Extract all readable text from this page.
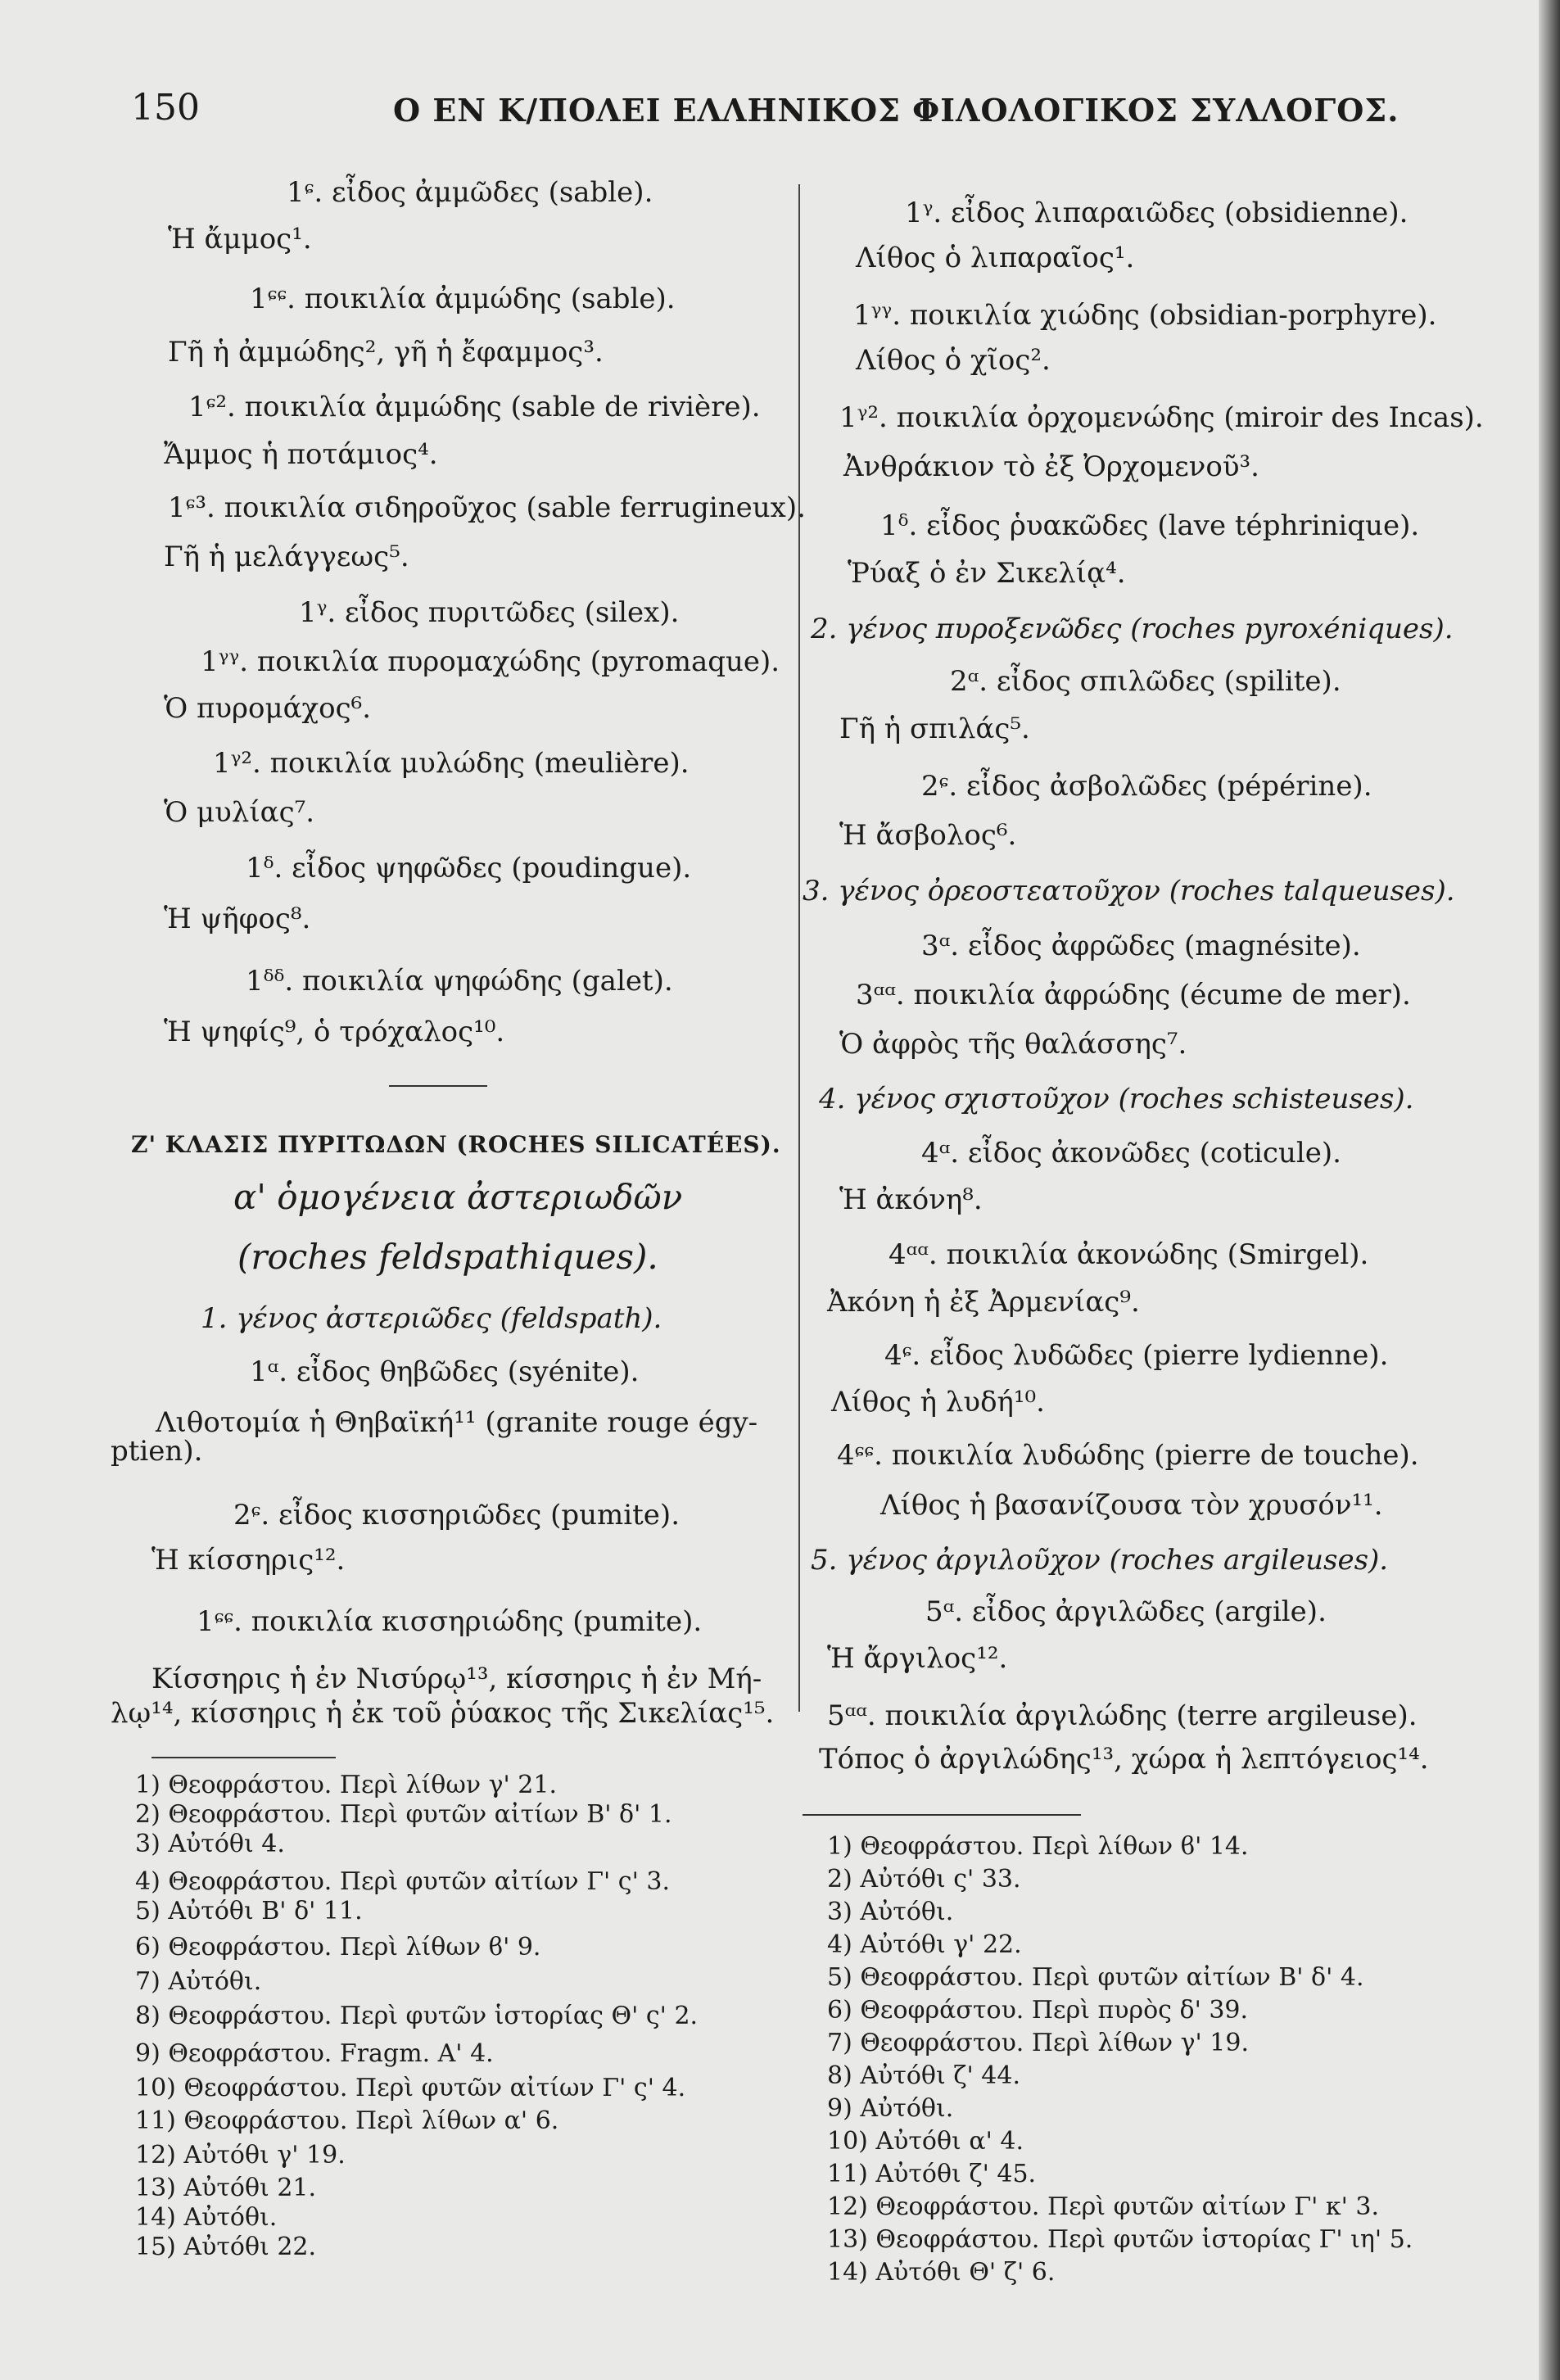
150	Ο ΕΝ Κ/ΠΟΛΕΙ ΕΛΛΗΝΙΚΟΣ ΦΙΛΟΛΟΓΙΚΟΣ ΣΥΛΛΟΓΟΣ.
1ᶝ. εἶδος ἀμμῶδες (sable).
Ἡ ἄμμος¹.
1ᶝᶝ. ποικιλία ἀμμώδης (sable).
Γῆ ἡ ἀμμώδης², γῆ ἡ ἔφαμμος³.
1ᶝ². ποικιλία ἀμμώδης (sable de rivière).
Ἄμμος ἡ ποτάμιος⁴.
1ᶝ³. ποικιλία σιδηροῦχος (sable ferrugineux).
Γῆ ἡ μελάγγεως⁵.
1ᵞ. εἶδος πυριτῶδες (silex).
1ᵞᵞ. ποικιλία πυρομαχώδης (pyromaque).
Ὁ πυρομάχος⁶.
1ᵞ². ποικιλία μυλώδης (meulière).
Ὁ μυλίας⁷.
1ᵟ. εἶδος ψηφῶδες (poudingue).
Ἡ ψῆφος⁸.
1ᵟᵟ. ποικιλία ψηφώδης (galet).
Ἡ ψηφίς⁹, ὁ τρόχαλος¹⁰.
Ζ' ΚΛΑΣΙΣ ΠΥΡΙΤΩΔΩΝ (ROCHES SILICATÉES).
α' ὁμογένεια ἀστεριωδῶν
(roches feldspathiques).
1. γένος ἀστεριῶδες (feldspath).
1ᵅ. εἶδος θηβῶδες (syénite).
Λιθοτομία ἡ Θηβαϊκή¹¹ (granite rouge égy-
ptien).
2ᶝ. εἶδος κισσηριῶδες (pumite).
Ἡ κίσσηρις¹².
1ᶝᶝ. ποικιλία κισσηριώδης (pumite).
Κίσσηρις ἡ ἐν Νισύρῳ¹³, κίσσηρις ἡ ἐν Μή-
λῳ¹⁴, κίσσηρις ἡ ἐκ τοῦ ῥύακος τῆς Σικελίας¹⁵.
1) Θεοφράστου. Περὶ λίθων γ' 21.
2) Θεοφράστου. Περὶ φυτῶν αἰτίων Β' δ' 1.
3) Αὐτόθι 4.
4) Θεοφράστου. Περὶ φυτῶν αἰτίων Γ' ς' 3.
5) Αὐτόθι Β' δ' 11.
6) Θεοφράστου. Περὶ λίθων ϐ' 9.
7) Αὐτόθι.
8) Θεοφράστου. Περὶ φυτῶν ἱστορίας Θ' ς' 2.
9) Θεοφράστου. Fragm. Α' 4.
10) Θεοφράστου. Περὶ φυτῶν αἰτίων Γ' ς' 4.
11) Θεοφράστου. Περὶ λίθων α' 6.
12) Αὐτόθι γ' 19.
13) Αὐτόθι 21.
14) Αὐτόθι.
15) Αὐτόθι 22.
1ᵞ. εἶδος λιπαραιῶδες (obsidienne).
Λίθος ὁ λιπαραῖος¹.
1ᵞᵞ. ποικιλία χιώδης (obsidian-porphyre).
Λίθος ὁ χῖος².
1ᵞ². ποικιλία ὀρχομενώδης (miroir des Incas).
Ἀνθράκιον τὸ ἐξ Ὀρχομενοῦ³.
1ᵟ. εἶδος ῥυακῶδες (lave téphrinique).
Ῥύαξ ὁ ἐν Σικελίᾳ⁴.
2. γένος πυροξενῶδες (roches pyroxéniques).
2ᵅ. εἶδος σπιλῶδες (spilite).
Γῆ ἡ σπιλάς⁵.
2ᶝ. εἶδος ἀσβολῶδες (pépérine).
Ἡ ἄσβολος⁶.
3. γένος ὀρεοστεατοῦχον (roches talqueuses).
3ᵅ. εἶδος ἀφρῶδες (magnésite).
3ᵅᵅ. ποικιλία ἀφρώδης (écume de mer).
Ὁ ἀφρὸς τῆς θαλάσσης⁷.
4. γένος σχιστοῦχον (roches schisteuses).
4ᵅ. εἶδος ἀκονῶδες (coticule).
Ἡ ἀκόνη⁸.
4ᵅᵅ. ποικιλία ἀκονώδης (Smirgel).
Ἀκόνη ἡ ἐξ Ἀρμενίας⁹.
4ᶝ. εἶδος λυδῶδες (pierre lydienne).
Λίθος ἡ λυδή¹⁰.
4ᶝᶝ. ποικιλία λυδώδης (pierre de touche).
Λίθος ἡ βασανίζουσα τὸν χρυσόν¹¹.
5. γένος ἀργιλοῦχον (roches argileuses).
5ᵅ. εἶδος ἀργιλῶδες (argile).
Ἡ ἄργιλος¹².
5ᵅᵅ. ποικιλία ἀργιλώδης (terre argileuse).
Τόπος ὁ ἀργιλώδης¹³, χώρα ἡ λεπτόγειος¹⁴.
1) Θεοφράστου. Περὶ λίθων ϐ' 14.
2) Αὐτόθι ς' 33.
3) Αὐτόθι.
4) Αὐτόθι γ' 22.
5) Θεοφράστου. Περὶ φυτῶν αἰτίων Β' δ' 4.
6) Θεοφράστου. Περὶ πυρὸς δ' 39.
7) Θεοφράστου. Περὶ λίθων γ' 19.
8) Αὐτόθι ζ' 44.
9) Αὐτόθι.
10) Αὐτόθι α' 4.
11) Αὐτόθι ζ' 45.
12) Θεοφράστου. Περὶ φυτῶν αἰτίων Γ' κ' 3.
13) Θεοφράστου. Περὶ φυτῶν ἱστορίας Γ' ιη' 5.
14) Αὐτόθι Θ' ζ' 6.
